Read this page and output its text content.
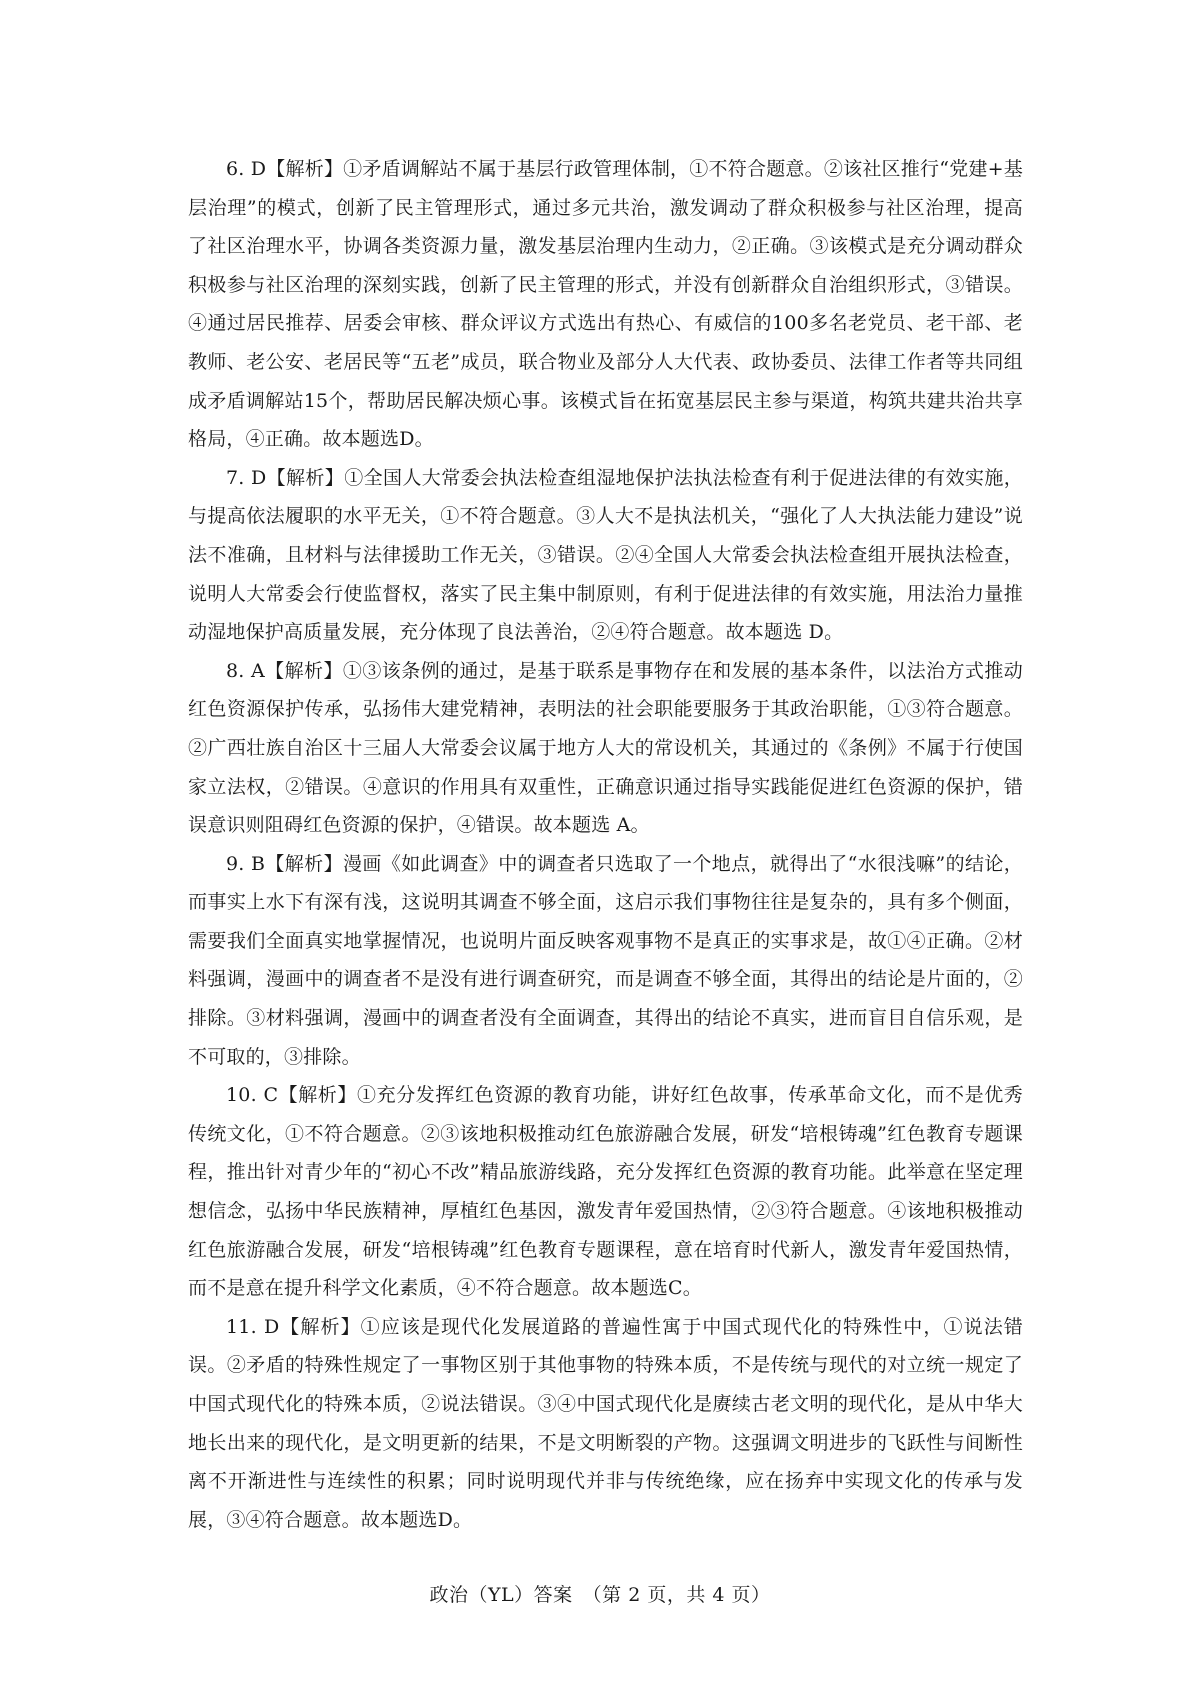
6. D【解析】①矛盾调解站不属于基层行政管理体制，①不符合题意。②该社区推行“党建+基层治理”的模式，创新了民主管理形式，通过多元共治，激发调动了群众积极参与社区治理，提高了社区治理水平，协调各类资源力量，激发基层治理内生动力，②正确。③该模式是充分调动群众积极参与社区治理的深刻实践，创新了民主管理的形式，并没有创新群众自治组织形式，③错误。④通过居民推荐、居委会审核、群众评议方式选出有热心、有威信的100多名老党员、老干部、老教师、老公安、老居民等“五老”成员，联合物业及部分人大代表、政协委员、法律工作者等共同组成矛盾调解站15个，帮助居民解决烦心事。该模式旨在拓宽基层民主参与渠道，构筑共建共治共享格局，④正确。故本题选D。

7. D【解析】①全国人大常委会执法检查组湿地保护法执法检查有利于促进法律的有效实施，与提高依法履职的水平无关，①不符合题意。③人大不是执法机关，“强化了人大执法能力建设”说法不准确，且材料与法律援助工作无关，③错误。②④全国人大常委会执法检查组开展执法检查，说明人大常委会行使监督权，落实了民主集中制原则，有利于促进法律的有效实施，用法治力量推动湿地保护高质量发展，充分体现了良法善治，②④符合题意。故本题选 D。

8. A【解析】①③该条例的通过，是基于联系是事物存在和发展的基本条件，以法治方式推动红色资源保护传承，弘扬伟大建党精神，表明法的社会职能要服务于其政治职能，①③符合题意。②广西壮族自治区十三届人大常委会议属于地方人大的常设机关，其通过的《条例》不属于行使国家立法权，②错误。④意识的作用具有双重性，正确意识通过指导实践能促进红色资源的保护，错误意识则阻碍红色资源的保护，④错误。故本题选 A。

9. B【解析】漫画《如此调查》中的调查者只选取了一个地点，就得出了“水很浅嘛”的结论，而事实上水下有深有浅，这说明其调查不够全面，这启示我们事物往往是复杂的，具有多个侧面，需要我们全面真实地掌握情况，也说明片面反映客观事物不是真正的实事求是，故①④正确。②材料强调，漫画中的调查者不是没有进行调查研究，而是调查不够全面，其得出的结论是片面的，②排除。③材料强调，漫画中的调查者没有全面调查，其得出的结论不真实，进而盲目自信乐观，是不可取的，③排除。

10. C【解析】①充分发挥红色资源的教育功能，讲好红色故事，传承革命文化，而不是优秀传统文化，①不符合题意。②③该地积极推动红色旅游融合发展，研发“培根铸魂”红色教育专题课程，推出针对青少年的“初心不改”精品旅游线路，充分发挥红色资源的教育功能。此举意在坚定理想信念，弘扬中华民族精神，厚植红色基因，激发青年爱国热情，②③符合题意。④该地积极推动红色旅游融合发展，研发“培根铸魂”红色教育专题课程，意在培育时代新人，激发青年爱国热情，而不是意在提升科学文化素质，④不符合题意。故本题选C。

11. D【解析】①应该是现代化发展道路的普遍性寓于中国式现代化的特殊性中，①说法错误。②矛盾的特殊性规定了一事物区别于其他事物的特殊本质，不是传统与现代的对立统一规定了中国式现代化的特殊本质，②说法错误。③④中国式现代化是赓续古老文明的现代化，是从中华大地长出来的现代化，是文明更新的结果，不是文明断裂的产物。这强调文明进步的飞跃性与间断性离不开渐进性与连续性的积累；同时说明现代并非与传统绝缘，应在扬弃中实现文化的传承与发展，③④符合题意。故本题选D。

政治（YL）答案　（第 2 页，共 4 页）
